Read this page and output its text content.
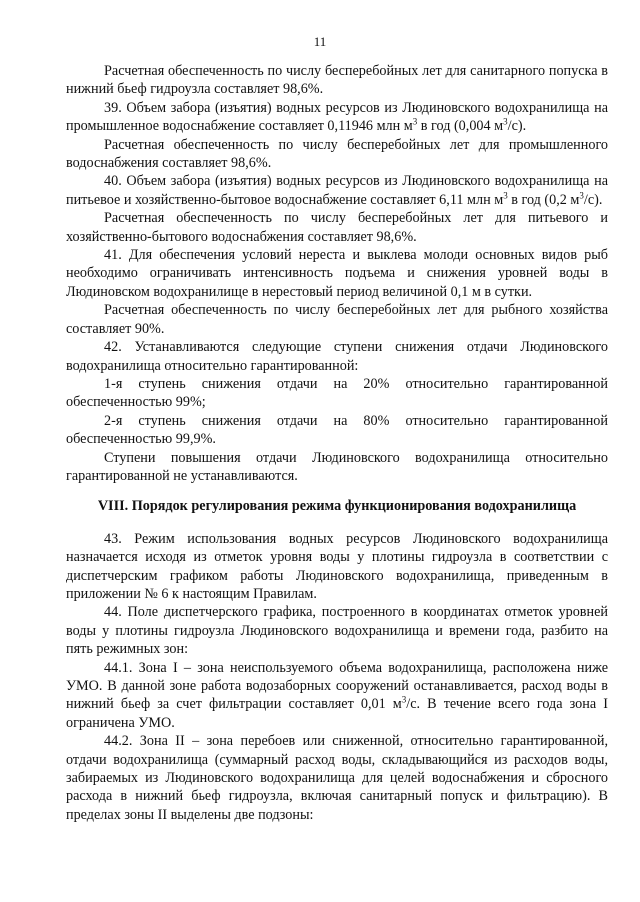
11

Расчетная обеспеченность по числу бесперебойных лет для санитарного попуска в нижний бьеф гидроузла составляет 98,6%.

39. Объем забора (изъятия) водных ресурсов из Людиновского водохранилища на промышленное водоснабжение составляет 0,11946 млн $м^3$ в год (0,004 $м^3/с$).

Расчетная обеспеченность по числу бесперебойных лет для промышленного водоснабжения составляет 98,6%.

40. Объем забора (изъятия) водных ресурсов из Людиновского водохранилища на питьевое и хозяйственно-бытовое водоснабжение составляет 6,11 млн $м^3$ в год (0,2 $м^3/с$).

Расчетная обеспеченность по числу бесперебойных лет для питьевого и хозяйственно-бытового водоснабжения составляет 98,6%.

41. Для обеспечения условий нереста и выклева молоди основных видов рыб необходимо ограничивать интенсивность подъема и снижения уровней воды в Людиновском водохранилище в нерестовый период величиной 0,1 м в сутки.

Расчетная обеспеченность по числу бесперебойных лет для рыбного хозяйства составляет 90%.

42. Устанавливаются следующие ступени снижения отдачи Людиновского водохранилища относительно гарантированной:

1-я ступень снижения отдачи на 20% относительно гарантированной обеспеченностью 99%;

2-я ступень снижения отдачи на 80% относительно гарантированной обеспеченностью 99,9%.

Ступени повышения отдачи Людиновского водохранилища относительно гарантированной не устанавливаются.

VIII. Порядок регулирования режима функционирования водохранилища

43. Режим использования водных ресурсов Людиновского водохранилища назначается исходя из отметок уровня воды у плотины гидроузла в соответствии с диспетчерским графиком работы Людиновского водохранилища, приведенным в приложении № 6 к настоящим Правилам.

44. Поле диспетчерского графика, построенного в координатах отметок уровней воды у плотины гидроузла Людиновского водохранилища и времени года, разбито на пять режимных зон:

44.1. Зона I – зона неиспользуемого объема водохранилища, расположена ниже УМО. В данной зоне работа водозаборных сооружений останавливается, расход воды в нижний бьеф за счет фильтрации составляет 0,01 $м^3/с$. В течение всего года зона I ограничена УМО.

44.2. Зона II – зона перебоев или сниженной, относительно гарантированной, отдачи водохранилища (суммарный расход воды, складывающийся из расходов воды, забираемых из Людиновского водохранилища для целей водоснабжения и сбросного расхода в нижний бьеф гидроузла, включая санитарный попуск и фильтрацию). В пределах зоны II выделены две подзоны:
